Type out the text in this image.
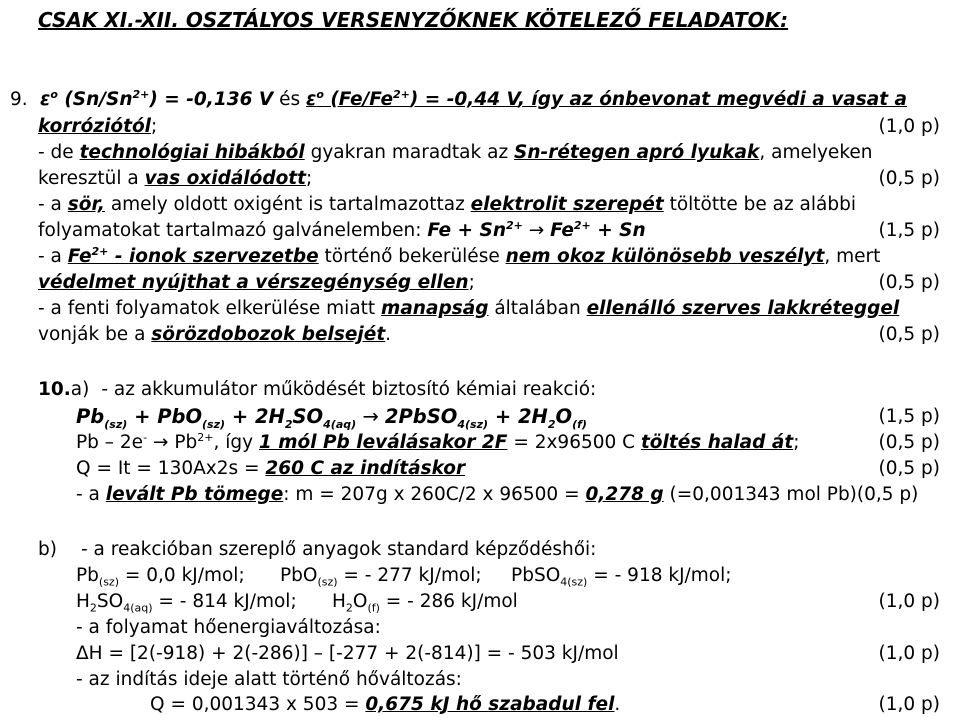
CSAK XI.-XII. OSZTÁLYOS VERSENYZŐKNEK KÖTELEZŐ FELADATOK:
9. $\varepsilon^o$ $(Sn/Sn^{2+}) = -0,136$ V és $\varepsilon^o$ $(Fe/Fe^{2+}) = -0,44$ V, így az ónbevonat megvédi a vasat a
korróziótól;	(1,0 p)
- de technológiai hibákból gyakran maradtak az Sn-rétegen apró lyukak, amelyeken
keresztül a vas oxidálódott;	(0,5 p)
- a sör, amely oldott oxigént is tartalmazottaz elektrolit szerepét töltötte be az alábbi
folyamatokat tartalmazó galvánelemben: $Fe + Sn^{2+} \to Fe^{2+} + Sn$	(1,5 p)
- a $Fe^{2+}$ - ionok szervezetbe történő bekerülése nem okoz különösebb veszélyt, mert
védelmet nyújthat a vérszegénység ellen;	(0,5 p)
- a fenti folyamatok elkerülése miatt manapság általában ellenálló szerves lakkréteggel
vonják be a sörözdobozok belsejét.	(0,5 p)
10.a) - az akkumulátor működését biztosító kémiai reakció:
$Pb_{(sz)} + PbO_{(sz)} + 2H_2SO_{4(aq)}$ → 2PbSO$_{4(sz)}$ + $2H_2O_{(f)}$	(1,5 p)
$Pb - 2e^- \to Pb^{2+}$, így 1 mól Pb leválásakor 2F = 2x96500 C töltés halad át;	(0,5 p)
Q = It = 130Ax2s = 260 C az indításkor	(0,5 p)
- a levált Pb tömege: m = 207g x 260C/2 x 96500 = 0,278 g (=0,001343 mol Pb)(0,5 p)
b) - a reakcióban szereplő anyagok standard képződéshői:
$Pb_{(sz)} = 0,0$ kJ/mol;      PbO$_{(sz)}$ = - 277 kJ/mol;     PbSO$_{4(sz)}$ = - 918 kJ/mol;
$H_2SO_{4(aq)}$ = - 814 kJ/mol;      $H_2O_{(f)}$ = - 286 kJ/mol	(1,0 p)
- a folyamat hőenergiaváltozása:
ΔH = [2(-918) + 2(-286)] – [-277 + 2(-814)] = - 503 kJ/mol	(1,0 p)
- az indítás ideje alatt történő hőváltozás:
Q = 0,001343 x 503 = 0,675 kJ hő szabadul fel.	(1,0 p)
